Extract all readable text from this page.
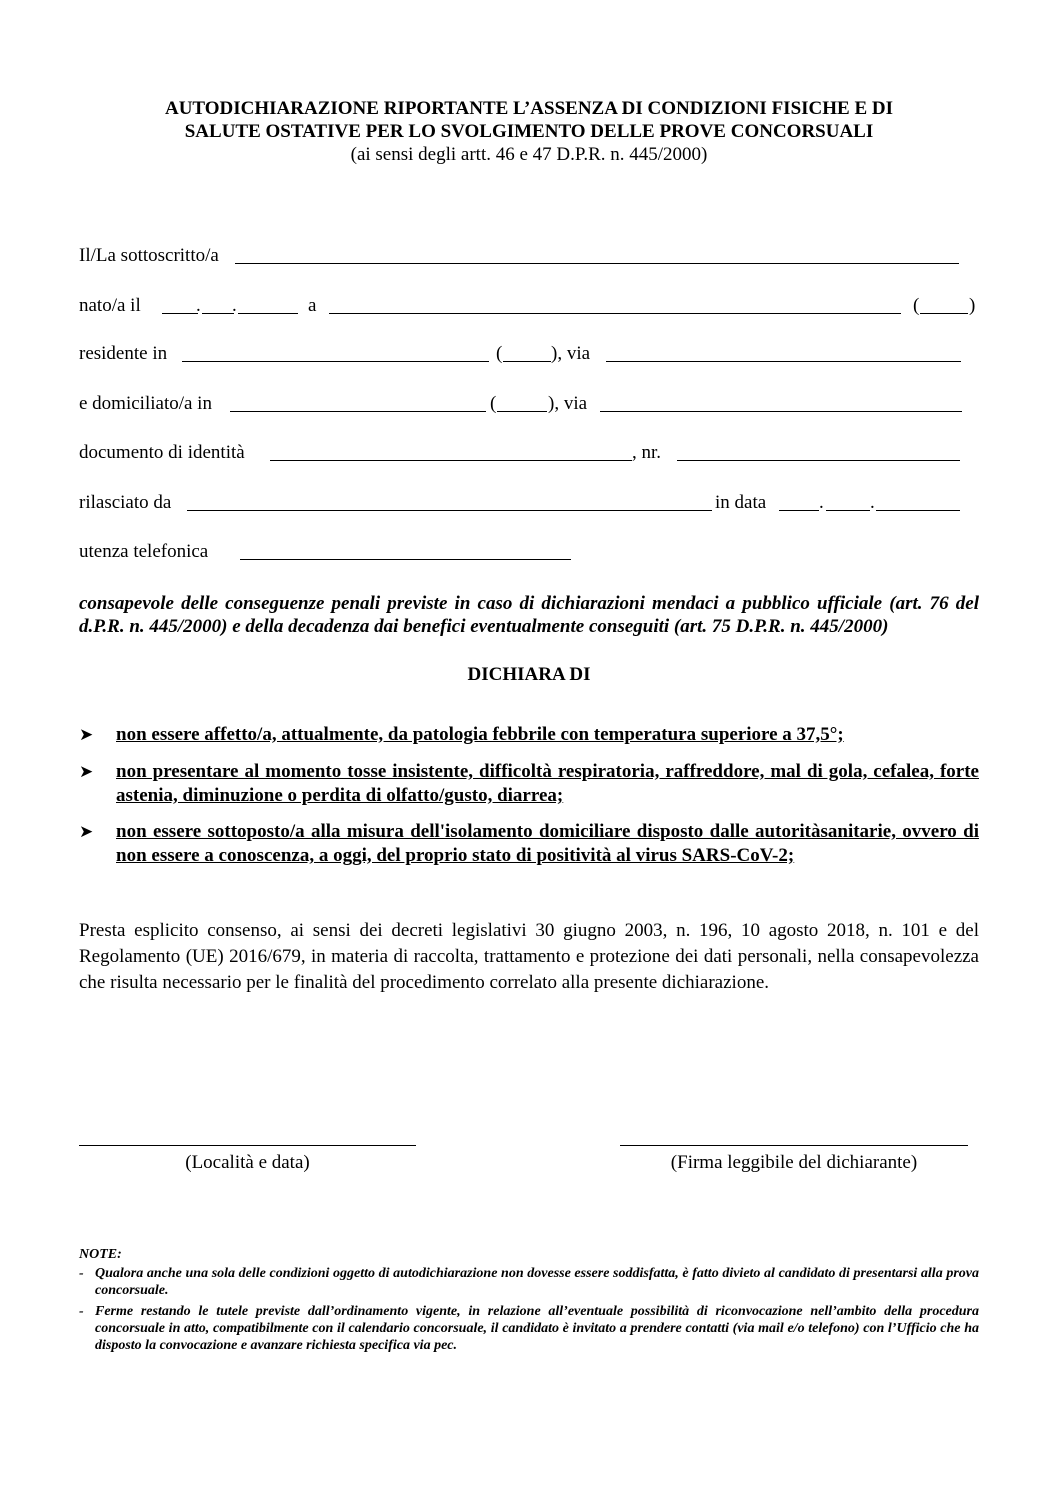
AUTODICHIARAZIONE RIPORTANTE L’ASSENZA DI CONDIZIONI FISICHE E DI
SALUTE OSTATIVE PER LO SVOLGIMENTO DELLE PROVE CONCORSUALI
(ai sensi degli artt. 46 e 47 D.P.R. n. 445/2000)
Il/La sottoscritto/a
nato/a il	. .	a	(	)
residente in	(	), via
e domiciliato/a in	(	), via
documento di identità	, nr.
rilasciato da	in data	. .
utenza telefonica
consapevole delle conseguenze penali previste in caso di dichiarazioni mendaci a pubblico ufficiale (art. 76 del d.P.R. n. 445/2000) e della decadenza dai benefici eventualmente conseguiti (art. 75 D.P.R. n. 445/2000)
DICHIARA DI
➤ non essere affetto/a, attualmente, da patologia febbrile con temperatura superiore a 37,5°;
➤ non presentare al momento tosse insistente, difficoltà respiratoria, raffreddore, mal di gola, cefalea, forte astenia, diminuzione o perdita di olfatto/gusto, diarrea;
➤ non essere sottoposto/a alla misura dell'isolamento domiciliare disposto dalle autoritàsanitarie, ovvero di non essere a conoscenza, a oggi, del proprio stato di positività al virus SARS-CoV-2;
Presta esplicito consenso, ai sensi dei decreti legislativi 30 giugno 2003, n. 196, 10 agosto 2018, n. 101 e del Regolamento (UE) 2016/679, in materia di raccolta, trattamento e protezione dei dati personali, nella consapevolezza che risulta necessario per le finalità del procedimento correlato alla presente dichiarazione.
(Località e data)	(Firma leggibile del dichiarante)
NOTE:
- Qualora anche una sola delle condizioni oggetto di autodichiarazione non dovesse essere soddisfatta, è fatto divieto al candidato di presentarsi alla prova concorsuale.
- Ferme restando le tutele previste dall’ordinamento vigente, in relazione all’eventuale possibilità di riconvocazione nell’ambito della procedura concorsuale in atto, compatibilmente con il calendario concorsuale, il candidato è invitato a prendere contatti (via mail e/o telefono) con l’Ufficio che ha disposto la convocazione e avanzare richiesta specifica via pec.
